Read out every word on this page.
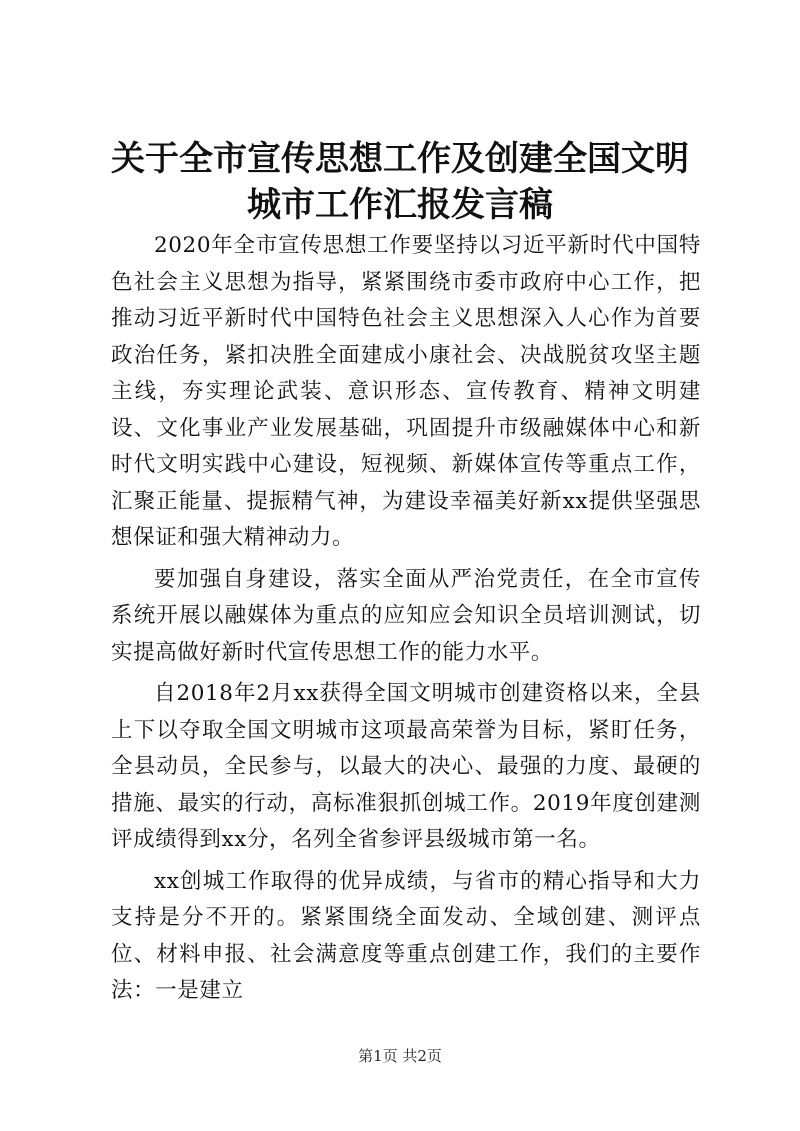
关于全市宣传思想工作及创建全国文明城市工作汇报发言稿

2020年全市宣传思想工作要坚持以习近平新时代中国特色社会主义思想为指导，紧紧围绕市委市政府中心工作，把推动习近平新时代中国特色社会主义思想深入人心作为首要政治任务，紧扣决胜全面建成小康社会、决战脱贫攻坚主题主线，夯实理论武装、意识形态、宣传教育、精神文明建设、文化事业产业发展基础，巩固提升市级融媒体中心和新时代文明实践中心建设，短视频、新媒体宣传等重点工作，汇聚正能量、提振精气神，为建设幸福美好新xx提供坚强思想保证和强大精神动力。

要加强自身建设，落实全面从严治党责任，在全市宣传系统开展以融媒体为重点的应知应会知识全员培训测试，切实提高做好新时代宣传思想工作的能力水平。

自2018年2月xx获得全国文明城市创建资格以来，全县上下以夺取全国文明城市这项最高荣誉为目标，紧盯任务，全县动员，全民参与，以最大的决心、最强的力度、最硬的措施、最实的行动，高标准狠抓创城工作。2019年度创建测评成绩得到xx分，名列全省参评县级城市第一名。

xx创城工作取得的优异成绩，与省市的精心指导和大力支持是分不开的。紧紧围绕全面发动、全域创建、测评点位、材料申报、社会满意度等重点创建工作，我们的主要作法：一是建立

第1页 共2页
